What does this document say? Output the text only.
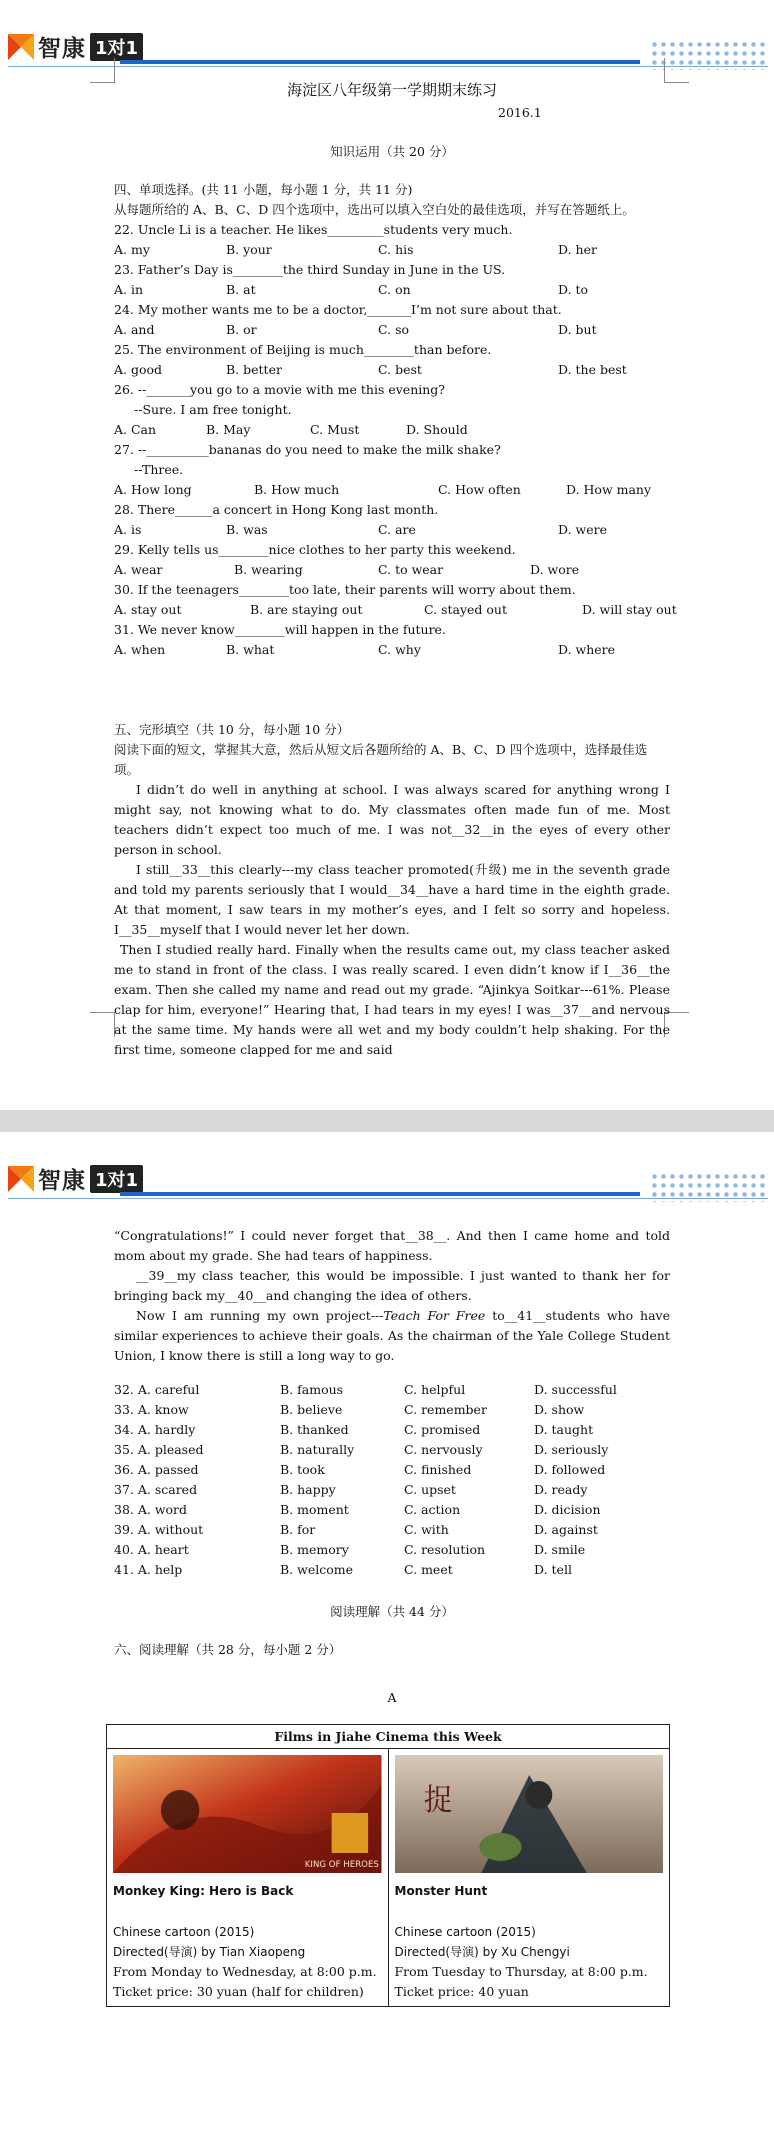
智康 1对1
海淀区八年级第一学期期末练习
2016.1
知识运用（共 20 分）

四、单项选择。(共 11 小题，每小题 1 分，共 11 分)

从每题所给的 A、B、C、D 四个选项中，选出可以填入空白处的最佳选项，并写在答题纸上。

22. Uncle Li is a teacher. He likes_________students very much.

A. my	B. your	C. his	D. her

23. Father’s Day is________the third Sunday in June in the US.

A. in	B. at	C. on	D. to

24. My mother wants me to be a doctor,_______I’m not sure about that.

A. and	B. or	C. so	D. but

25. The environment of Beijing is much________than before.

A. good	B. better	C. best	D. the best

26. --_______you go to a movie with me this evening?

--Sure. I am free tonight.

A. Can	B. May	C. Must	D. Should

27. --__________bananas do you need to make the milk shake?

--Three.

A. How long	B. How much	C. How often	D. How many

28. There______a concert in Hong Kong last month.

A. is	B. was	C. are	D. were

29. Kelly tells us________nice clothes to her party this weekend.

A. wear	B. wearing	C. to wear	D. wore

30. If the teenagers________too late, their parents will worry about them.

A. stay out	B. are staying out	C. stayed out	D. will stay out

31. We never know________will happen in the future.

A. when	B. what	C. why	D. where

五、完形填空（共 10 分，每小题 10 分）

阅读下面的短文，掌握其大意，然后从短文后各题所给的 A、B、C、D 四个选项中，选择最佳选项。

I didn’t do well in anything at school. I was always scared for anything wrong I might say, not knowing what to do. My classmates often made fun of me. Most teachers didn’t expect too much of me. I was not__32__in the eyes of every other person in school.

I still__33__this clearly---my class teacher promoted(升级) me in the seventh grade and told my parents seriously that I would__34__have a hard time in the eighth grade. At that moment, I saw tears in my mother’s eyes, and I felt so sorry and hopeless. I__35__myself that I would never let her down.

Then I studied really hard. Finally when the results came out, my class teacher asked me to stand in front of the class. I was really scared. I even didn’t know if I__36__the exam. Then she called my name and read out my grade. “Ajinkya Soitkar---61%. Please clap for him, everyone!” Hearing that, I had tears in my eyes! I was__37__and nervous at the same time. My hands were all wet and my body couldn’t help shaking. For the first time, someone clapped for me and said

智康 1对1

“Congratulations!” I could never forget that__38__. And then I came home and told mom about my grade. She had tears of happiness.

__39__my class teacher, this would be impossible. I just wanted to thank her for bringing back my__40__and changing the idea of others.

Now I am running my own project---Teach For Free to__41__students who have similar experiences to achieve their goals. As the chairman of the Yale College Student Union, I know there is still a long way to go.

32. A. careful	B. famous	C. helpful	D. successful
33. A. know	B. believe	C. remember	D. show
34. A. hardly	B. thanked	C. promised	D. taught
35. A. pleased	B. naturally	C. nervously	D. seriously
36. A. passed	B. took	C. finished	D. followed
37. A. scared	B. happy	C. upset	D. ready
38. A. word	B. moment	C. action	D. dicision
39. A. without	B. for	C. with	D. against
40. A. heart	B. memory	C. resolution	D. smile
41. A. help	B. welcome	C. meet	D. tell
阅读理解（共 44 分）
六、阅读理解（共 28 分，每小题 2 分）
A
Films in Jiahe Cinema this Week

KING OF HEROES
Monkey King: Hero is Back
Chinese cartoon (2015)
Directed(导演) by Tian Xiaopeng
From Monday to Wednesday, at 8:00 p.m.
Ticket price: 30 yuan (half for children)

捉
Monster Hunt
Chinese cartoon (2015)
Directed(导演) by Xu Chengyi
From Tuesday to Thursday, at 8:00 p.m.
Ticket price: 40 yuan
